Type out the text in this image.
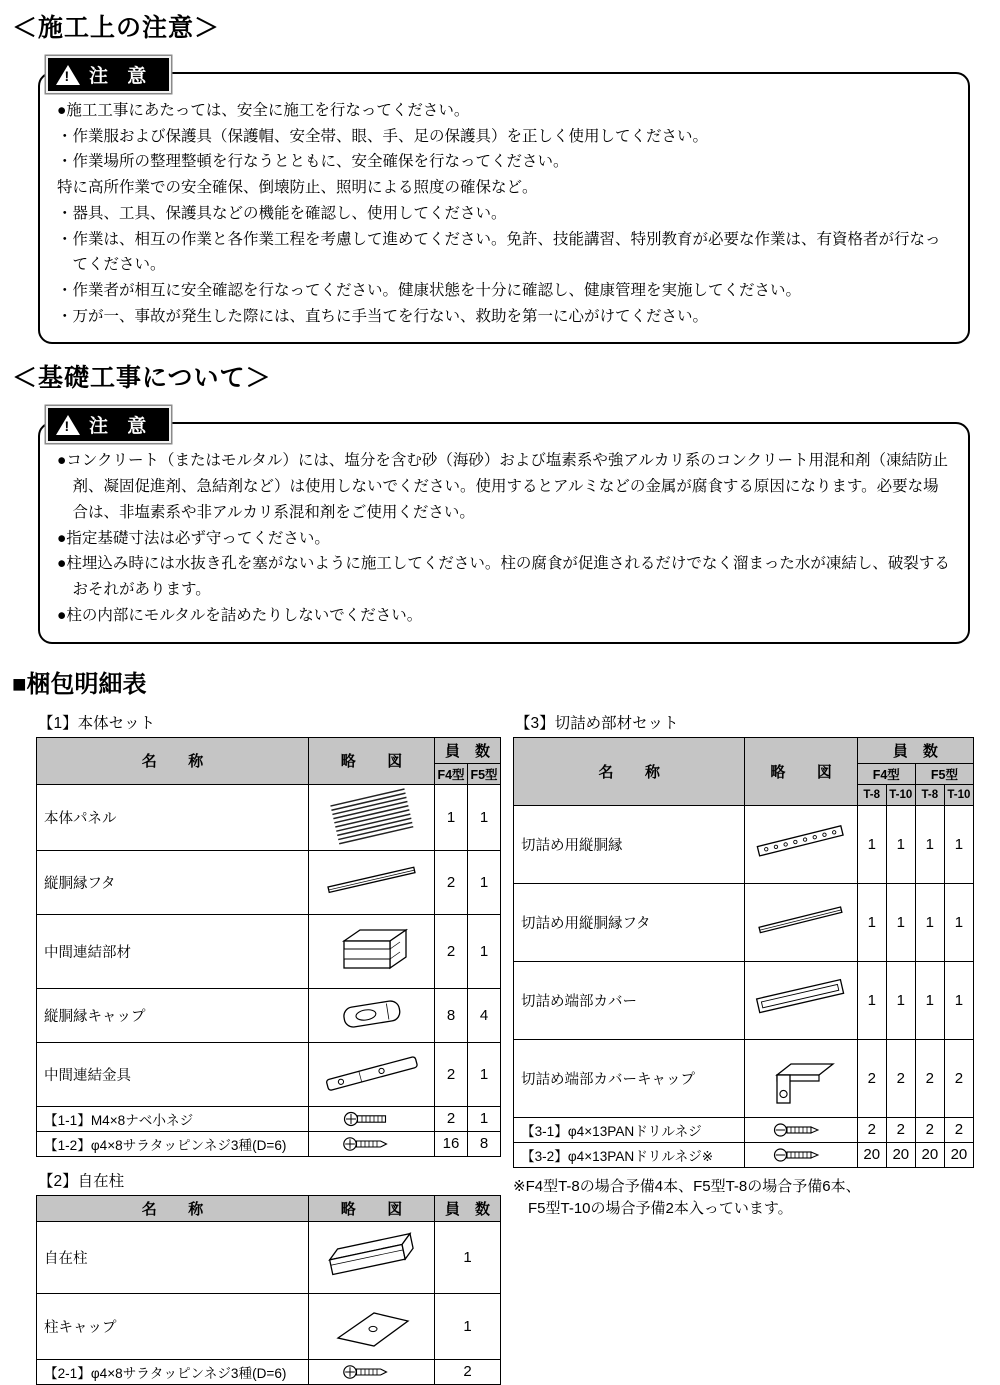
＜施工上の注意＞
!
注 意

●施工工事にあたっては、安全に施工を行なってください。

・作業服および保護具（保護帽、安全帯、眼、手、足の保護具）を正しく使用してください。

・作業場所の整理整頓を行なうとともに、安全確保を行なってください。

特に高所作業での安全確保、倒壊防止、照明による照度の確保など。

・器具、工具、保護具などの機能を確認し、使用してください。

・作業は、相互の作業と各作業工程を考慮して進めてください。免許、技能講習、特別教育が必要な作業は、有資格者が行なってください。

・作業者が相互に安全確認を行なってください。健康状態を十分に確認し、健康管理を実施してください。

・万が一、事故が発生した際には、直ちに手当てを行ない、救助を第一に心がけてください。

＜基礎工事について＞
!
注 意

●コンクリート（またはモルタル）には、塩分を含む砂（海砂）および塩素系や強アルカリ系のコンクリート用混和剤（凍結防止剤、凝固促進剤、急結剤など）は使用しないでください。使用するとアルミなどの金属が腐食する原因になります。必要な場合は、非塩素系や非アルカリ系混和剤をご使用ください。

●指定基礎寸法は必ず守ってください。

●柱埋込み時には水抜き孔を塞がないように施工してください。柱の腐食が促進されるだけでなく溜まった水が凍結し、破裂するおそれがあります。

●柱の内部にモルタルを詰めたりしないでください。

■梱包明細表
【1】本体セット
名　称	略　図	員　数	
		F4型	F5型
本体パネル		1	1
縦胴縁フタ		2	1
中間連結部材		2	1
縦胴縁キャップ		8	4
中間連結金具		2	1
【1-1】M4×8ナベ小ネジ		2	1
【1-2】φ4×8サラタッピンネジ3種(D=6)		16	8
【2】自在柱
名　称	略　図	員　数
自在柱		1
柱キャップ		1
【2-1】φ4×8サラタッピンネジ3種(D=6)		2
【3】切詰め部材セット
名　称	略　図	員　数			
		F4型		F5型	
		T-8	T-10	T-8	T-10
切詰め用縦胴縁		1	1	1	1
切詰め用縦胴縁フタ		1	1	1	1
切詰め端部カバー		1	1	1	1
切詰め端部カバーキャップ		2	2	2	2
【3-1】φ4×13PANドリルネジ		2	2	2	2
【3-2】φ4×13PANドリルネジ※		20	20	20	20
※F4型T-8の場合予備4本、F5型T-8の場合予備6本、
F5型T-10の場合予備2本入っています。
